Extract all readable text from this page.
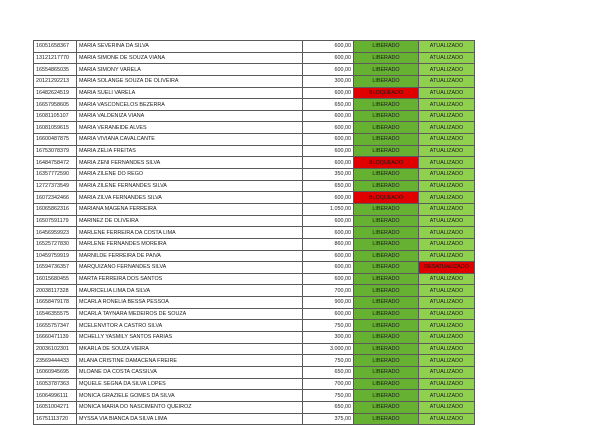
16051658367	MARIA SEVERINA DA SILVA	600,00	LIBERADO	ATUALIZADO
13121217770	MARIA SIMONE DE SOUZA VIANA	600,00	LIBERADO	ATUALIZADO
16554865035	MARIA SIMONY VARELA	600,00	LIBERADO	ATUALIZADO
20121292213	MARIA SOLANGE SOUZA DE OLIVEIRA	300,00	LIBERADO	ATUALIZADO
16482624519	MARIA SUELI VARELA	600,00	BLOQUEADO	ATUALIZADO
16657958605	MARIA VASCONCELOS BEZERRA	650,00	LIBERADO	ATUALIZADO
16081105107	MARIA VALDENIZA VIANA	600,00	LIBERADO	ATUALIZADO
16081059615	MARIA VERANEIDE ALVES	600,00	LIBERADO	ATUALIZADO
16600487875	MARIA VIVIANA CAVALCANTE	600,00	LIBERADO	ATUALIZADO
16753078379	MARIA ZELIA FREITAS	600,00	LIBERADO	ATUALIZADO
16484758472	MARIA ZENI FERNANDES SILVA	600,00	BLOQUEADO	ATUALIZADO
16357772590	MARIA ZILENE DO REGO	350,00	LIBERADO	ATUALIZADO
12727373549	MARIA ZILENE FERNANDES SILVA	650,00	LIBERADO	ATUALIZADO
16072342466	MARIA ZILVA FERNANDES SILVA	600,00	BLOQUEADO	ATUALIZADO
16065862316	MARIANA MAGENA FERREIRA	1.050,00	LIBERADO	ATUALIZADO
16507591179	MARINEZ DE OLIVEIRA	600,00	LIBERADO	ATUALIZADO
16456959923	MARLENE FERREIRA DA COSTA LIMA	600,00	LIBERADO	ATUALIZADO
16525727830	MARLENE FERNANDES MOREIRA	860,00	LIBERADO	ATUALIZADO
10459759919	MARNILDE FERREIRA DE PAIVA	600,00	LIBERADO	ATUALIZADO
16594736357	MARQUIZANO FERNANDES SILVA	600,00	LIBERADO	DESATUALIZADO
16015680455	MARTA FERREIRA DOS SANTOS	600,00	LIBERADO	ATUALIZADO
20038117328	MAURICELIA LIMA DA SILVA	700,00	LIBERADO	ATUALIZADO
16658479178	MCARLA RONELIA BESSA PESSOA	900,00	LIBERADO	ATUALIZADO
16546355575	MCARLA TAYNARA MEDEIROS DE SOUZA	600,00	LIBERADO	ATUALIZADO
16655757347	MCELENVITOR A CASTRO SILVA	750,00	LIBERADO	ATUALIZADO
16660471139	MCHELLY YASMILY SANTOS FARIAS	300,00	LIBERADO	ATUALIZADO
20036102301	MKARLA DE SOUZA VIEIRA	3.000,00	LIBERADO	ATUALIZADO
23569444433	MLANA CRISTINE DAMACENA FREIRE	750,00	LIBERADO	ATUALIZADO
16060945695	MLOANE DA COSTA CASSILVA	650,00	LIBERADO	ATUALIZADO
16053787363	MQUELE SEGNA DA SILVA LOPES	700,00	LIBERADO	ATUALIZADO
16064996111	MONICA GRAZIELE GOMES DA SILVA	750,00	LIBERADO	ATUALIZADO
16051004271	MONICA MARIA DO NASCIMENTO QUEIROZ	650,00	LIBERADO	ATUALIZADO
16751113720	MYSSA VIA BIANCA DA SILVA LIMA	375,00	LIBERADO	ATUALIZADO
